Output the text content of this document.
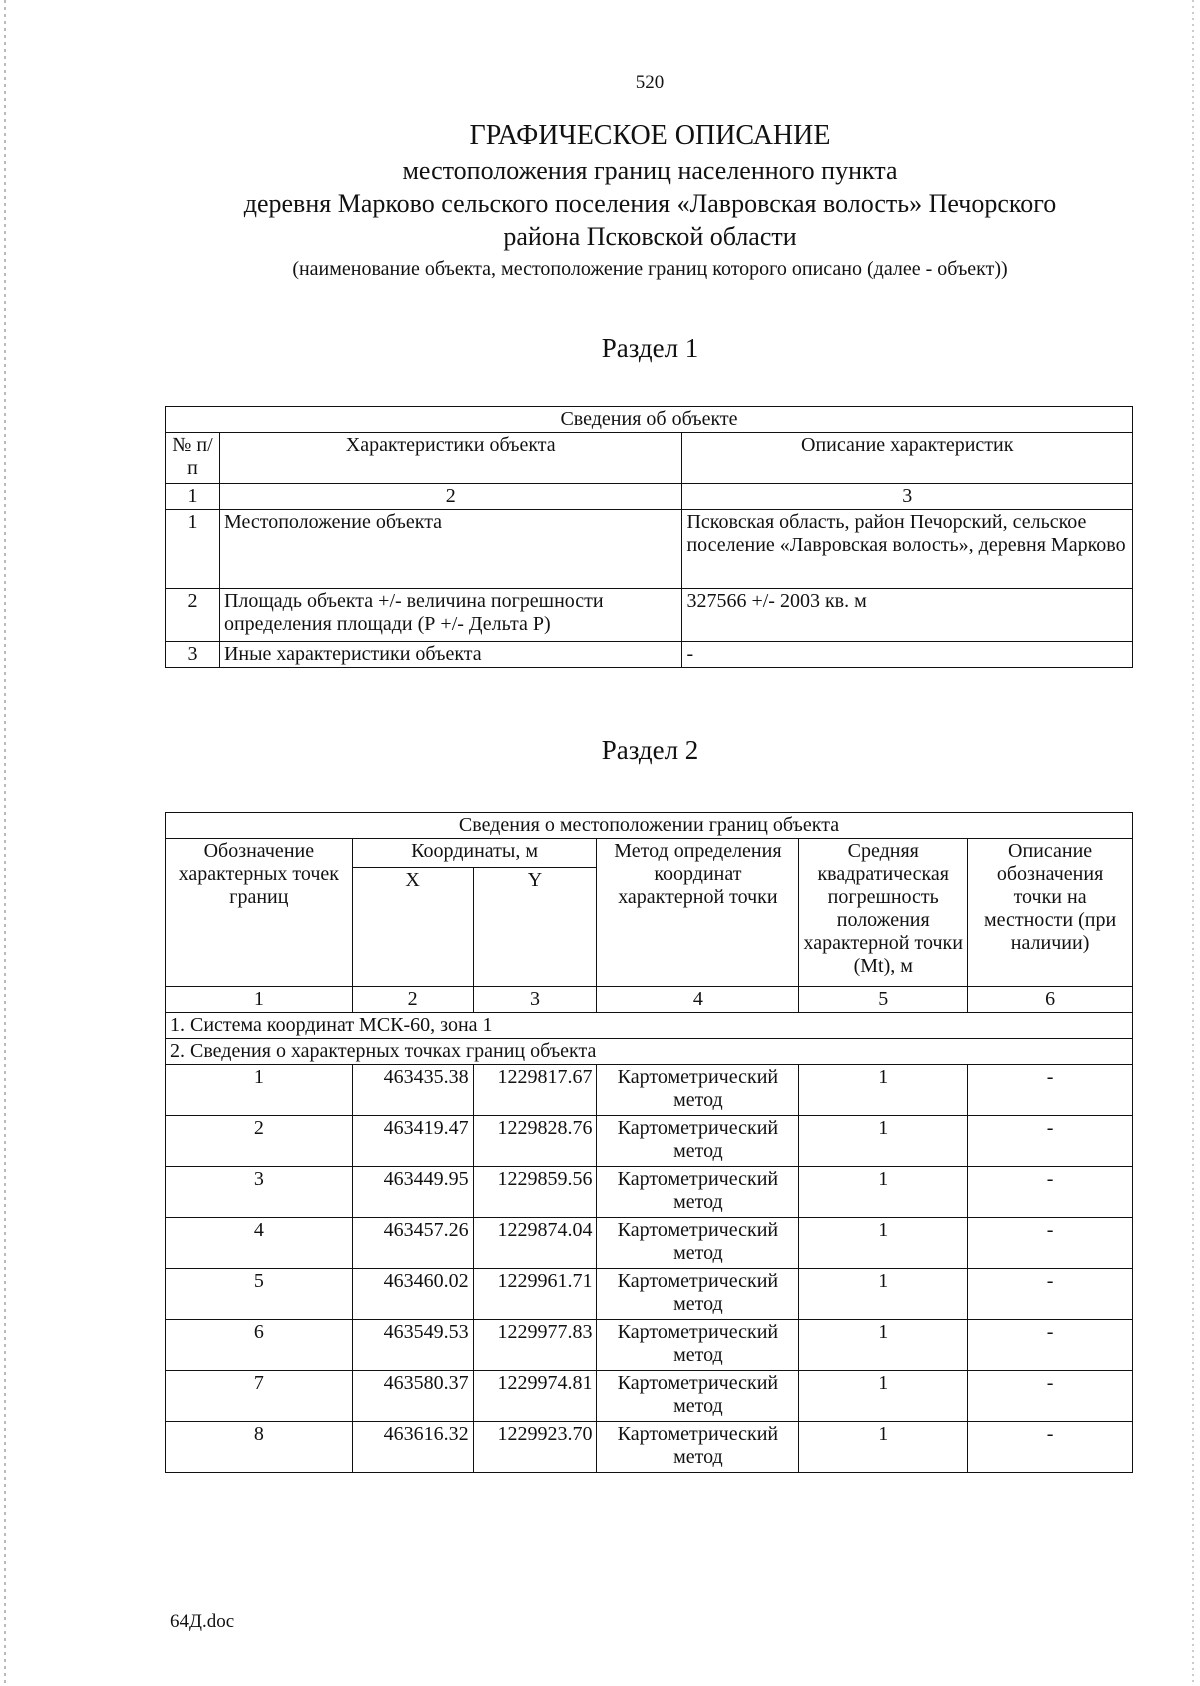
520
ГРАФИЧЕСКОЕ ОПИСАНИЕ
местоположения границ населенного пункта
деревня Марково сельского поселения «Лавровская волость» Печорского
района Псковской области
(наименование объекта, местоположение границ которого описано (далее - объект))
Раздел 1
Сведения об объекте		
№ п/п	Характеристики объекта	Описание характеристик
1	2	3
1	Местоположение объекта	Псковская область, район Печорский, сельское поселение «Лавровская волость», деревня Марково
2	Площадь объекта +/- величина погрешности определения площади (Р +/- Дельта Р)	327566 +/- 2003 кв. м
3	Иные характеристики объекта	-
Раздел 2
Сведения о местоположении границ объекта					
Обозначение характерных точек границ	Координаты, м		Метод определения координат характерной точки	Средняя квадратическая погрешность положения характерной точки (Mt), м	Описание обозначения точки на местности (при наличии)
	X	Y			
1	2	3	4	5	6
1. Система координат МСК-60, зона 1					
2. Сведения о характерных точках границ объекта					
1	463435.38	1229817.67	Картометрический метод	1	-
2	463419.47	1229828.76	Картометрический метод	1	-
3	463449.95	1229859.56	Картометрический метод	1	-
4	463457.26	1229874.04	Картометрический метод	1	-
5	463460.02	1229961.71	Картометрический метод	1	-
6	463549.53	1229977.83	Картометрический метод	1	-
7	463580.37	1229974.81	Картометрический метод	1	-
8	463616.32	1229923.70	Картометрический метод	1	-
64Д.doc
